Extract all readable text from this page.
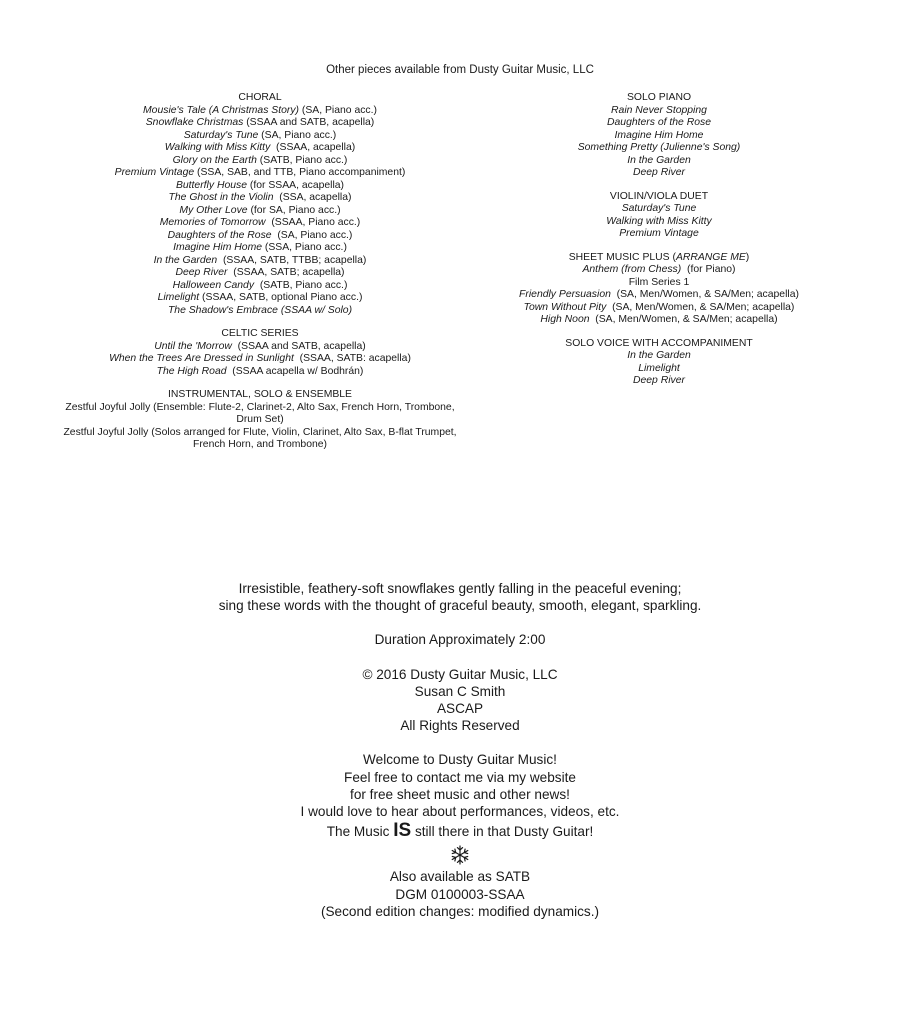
Other pieces available from Dusty Guitar Music, LLC
CHORAL
Mousie's Tale (A Christmas Story) (SA, Piano acc.)
Snowflake Christmas (SSAA and SATB, acapella)
Saturday's Tune (SA, Piano acc.)
Walking with Miss Kitty  (SSAA, acapella)
Glory on the Earth (SATB, Piano acc.)
Premium Vintage (SSA, SAB, and TTB, Piano accompaniment)
Butterfly House (for SSAA, acapella)
The Ghost in the Violin  (SSA, acapella)
My Other Love (for SA, Piano acc.)
Memories of Tomorrow  (SSAA, Piano acc.)
Daughters of the Rose  (SA, Piano acc.)
Imagine Him Home (SSA, Piano acc.)
In the Garden  (SSAA, SATB, TTBB; acapella)
Deep River  (SSAA, SATB; acapella)
Halloween Candy  (SATB, Piano acc.)
Limelight (SSAA, SATB, optional Piano acc.)
The Shadow's Embrace (SSAA w/ Solo)
CELTIC SERIES
Until the 'Morrow  (SSAA and SATB, acapella)
When the Trees Are Dressed in Sunlight  (SSAA, SATB: acapella)
The High Road  (SSAA acapella w/ Bodhrán)
INSTRUMENTAL, SOLO & ENSEMBLE
Zestful Joyful Jolly (Ensemble: Flute-2, Clarinet-2, Alto Sax, French Horn, Trombone, Drum Set)
Zestful Joyful Jolly (Solos arranged for Flute, Violin, Clarinet, Alto Sax, B-flat Trumpet, French Horn, and Trombone)
SOLO PIANO
Rain Never Stopping
Daughters of the Rose
Imagine Him Home
Something Pretty (Julienne's Song)
In the Garden
Deep River
VIOLIN/VIOLA DUET
Saturday's Tune
Walking with Miss Kitty
Premium Vintage
SHEET MUSIC PLUS (ARRANGE ME)
Anthem (from Chess)  (for Piano)
Film Series 1
Friendly Persuasion  (SA, Men/Women, & SA/Men; acapella)
Town Without Pity  (SA, Men/Women, & SA/Men; acapella)
High Noon  (SA, Men/Women, & SA/Men; acapella)
SOLO VOICE WITH ACCOMPANIMENT
In the Garden
Limelight
Deep River
Irresistible, feathery-soft snowflakes gently falling in the peaceful evening;
sing these words with the thought of graceful beauty, smooth, elegant, sparkling.
Duration Approximately 2:00
© 2016 Dusty Guitar Music, LLC
Susan C Smith
ASCAP
All Rights Reserved
Welcome to Dusty Guitar Music!
Feel free to contact me via my website
for free sheet music and other news!
I would love to hear about performances, videos, etc.
The Music IS still there in that Dusty Guitar!
Also available as SATB
DGM 0100003-SSAA
(Second edition changes: modified dynamics.)
